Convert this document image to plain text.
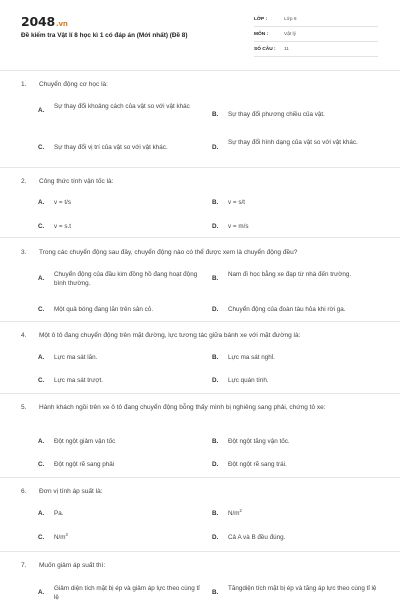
2048.vn
Đề kiểm tra Vật lí 8 học kì 1 có đáp án (Mới nhất) (Đề 8)
LỚP :	Lớp 8
MÔN :	Vật lý
SỐ CÂU : 11
1. Chuyển động cơ học là:
A.
Sự thay đổi khoảng cách của vật so với vật khác
B. Sự thay đổi phương chiều của vật.
C. Sự thay đổi vị trí của vật so với vật khác.	D.
Sự thay đổi hình dạng của vật so với vật khác.
2. Công thức tính vận tốc là:
A. v = t/s	B. v = s/t
C. v = s.t	D. v = m/s
3. Trong các chuyển động sau đây, chuyển động nào có thể được xem là chuyển động đều?
A.
Chuyển động của đầu kim đồng hồ đang hoạt động bình thường.
B.
Nam đi học bằng xe đạp từ nhà đến trường.
C. Một quả bóng đang lăn trên sân cỏ.	D. Chuyển động của đoàn tàu hỏa khi rời ga.
4. Một ô tô đang chuyển động trên mặt đường, lực tương tác giữa bánh xe với mặt đường là:
A. Lực ma sát lăn.	B. Lực ma sát nghỉ.
C. Lực ma sát trượt.	D. Lực quán tính.
5. Hành khách ngồi trên xe ô tô đang chuyển động bỗng thấy mình bị nghiêng sang phải, chứng tỏ xe:
A. Đột ngột giảm vận tốc	B. Đột ngột tăng vận tốc.
C. Đột ngột rẽ sang phải	D. Đột ngột rẽ sang trái.
6. Đơn vị tính áp suất là:
A. Pa.	B. $N/m^2$
C. $N/m^3$	D. Cả A và B đều đúng.
7. Muốn giảm áp suất thì:
A.
Giảm diện tích mặt bị ép và giảm áp lực theo cùng tỉ lệ
B.
Tăngdiện tích mặt bị ép và tăng áp lực theo cùng tỉ lệ
